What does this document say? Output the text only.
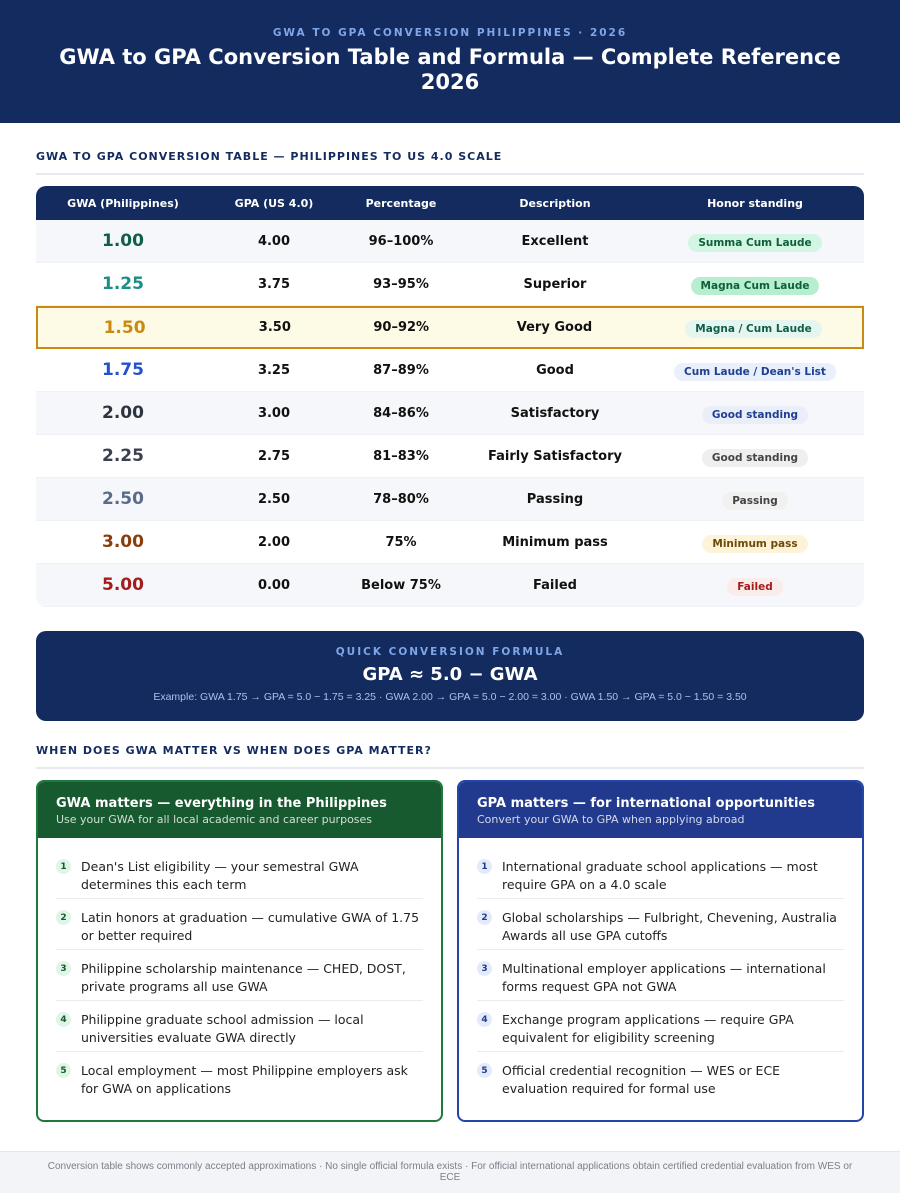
GWA TO GPA CONVERSION PHILIPPINES · 2026
GWA to GPA Conversion Table and Formula — Complete Reference 2026
GWA TO GPA CONVERSION TABLE — PHILIPPINES TO US 4.0 SCALE
GWA (Philippines)	GPA (US 4.0)	Percentage	Description	Honor standing
1.00	4.00	96–100%	Excellent	Summa Cum Laude
1.25	3.75	93–95%	Superior	Magna Cum Laude
1.50	3.50	90–92%	Very Good	Magna / Cum Laude
1.75	3.25	87–89%	Good	Cum Laude / Dean's List
2.00	3.00	84–86%	Satisfactory	Good standing
2.25	2.75	81–83%	Fairly Satisfactory	Good standing
2.50	2.50	78–80%	Passing	Passing
3.00	2.00	75%	Minimum pass	Minimum pass
5.00	0.00	Below 75%	Failed	Failed
QUICK CONVERSION FORMULA
GPA ≈ 5.0 − GWA
Example: GWA 1.75 → GPA = 5.0 − 1.75 = 3.25 · GWA 2.00 → GPA = 5.0 − 2.00 = 3.00 · GWA 1.50 → GPA = 5.0 − 1.50 = 3.50
WHEN DOES GWA MATTER VS WHEN DOES GPA MATTER?
GWA matters — everything in the Philippines
Use your GWA for all local academic and career purposes
1	Dean's List eligibility — your semestral GWA determines this each term
2	Latin honors at graduation — cumulative GWA of 1.75 or better required
3	Philippine scholarship maintenance — CHED, DOST, private programs all use GWA
4	Philippine graduate school admission — local universities evaluate GWA directly
5	Local employment — most Philippine employers ask for GWA on applications
GPA matters — for international opportunities
Convert your GWA to GPA when applying abroad
1	International graduate school applications — most require GPA on a 4.0 scale
2	Global scholarships — Fulbright, Chevening, Australia Awards all use GPA cutoffs
3	Multinational employer applications — international forms request GPA not GWA
4	Exchange program applications — require GPA equivalent for eligibility screening
5	Official credential recognition — WES or ECE evaluation required for formal use
Conversion table shows commonly accepted approximations · No single official formula exists · For official international applications obtain certified credential evaluation from WES or ECE
